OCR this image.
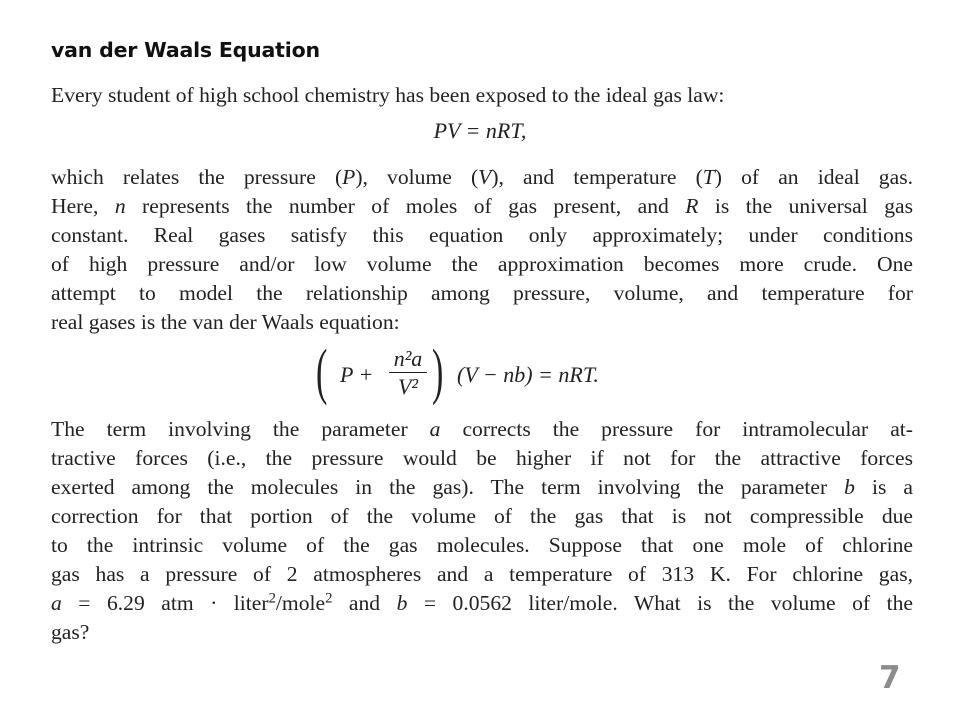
van der Waals Equation
Every student of high school chemistry has been exposed to the ideal gas law:
PV = nRT,
which relates the pressure (P), volume (V), and temperature (T) of an ideal gas.
Here, n represents the number of moles of gas present, and R is the universal gas
constant. Real gases satisfy this equation only approximately; under conditions
of high pressure and/or low volume the approximation becomes more crude. One
attempt to model the relationship among pressure, volume, and temperature for
real gases is the van der Waals equation:
( P +
n²a
V² ) (V − nb) = nRT.
The term involving the parameter a corrects the pressure for intramolecular at-
tractive forces (i.e., the pressure would be higher if not for the attractive forces
exerted among the molecules in the gas). The term involving the parameter b is a
correction for that portion of the volume of the gas that is not compressible due
to the intrinsic volume of the gas molecules. Suppose that one mole of chlorine
gas has a pressure of 2 atmospheres and a temperature of 313 K. For chlorine gas,
a = 6.29 atm · liter$^2$/mole$^2$ and b = 0.0562 liter/mole. What is the volume of the
gas?
7
